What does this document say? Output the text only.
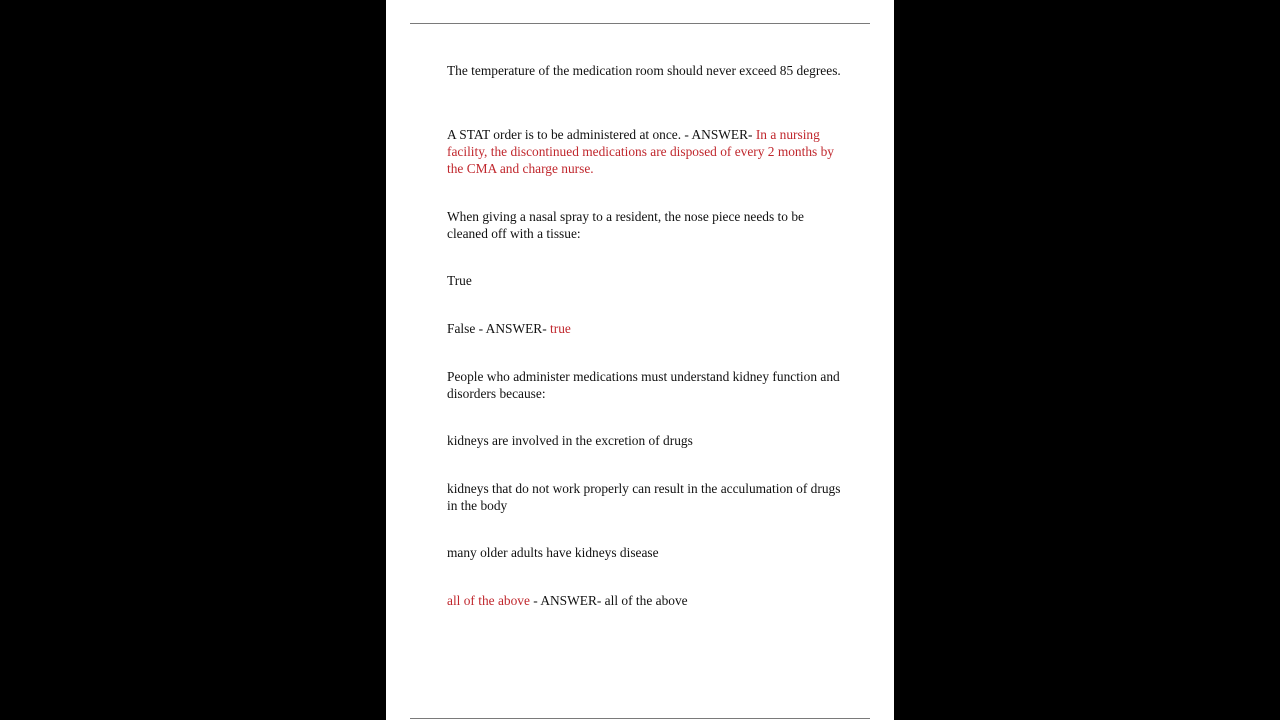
The temperature of the medication room should never exceed 85 degrees.

A STAT order is to be administered at once. - ANSWER- In a nursing facility, the discontinued medications are disposed of every 2 months by the CMA and charge nurse.

When giving a nasal spray to a resident, the nose piece needs to be cleaned off with a tissue:

True

False - ANSWER- true

People who administer medications must understand kidney function and disorders because:

kidneys are involved in the excretion of drugs

kidneys that do not work properly can result in the acculumation of drugs in the body

many older adults have kidneys disease

all of the above - ANSWER- all of the above
